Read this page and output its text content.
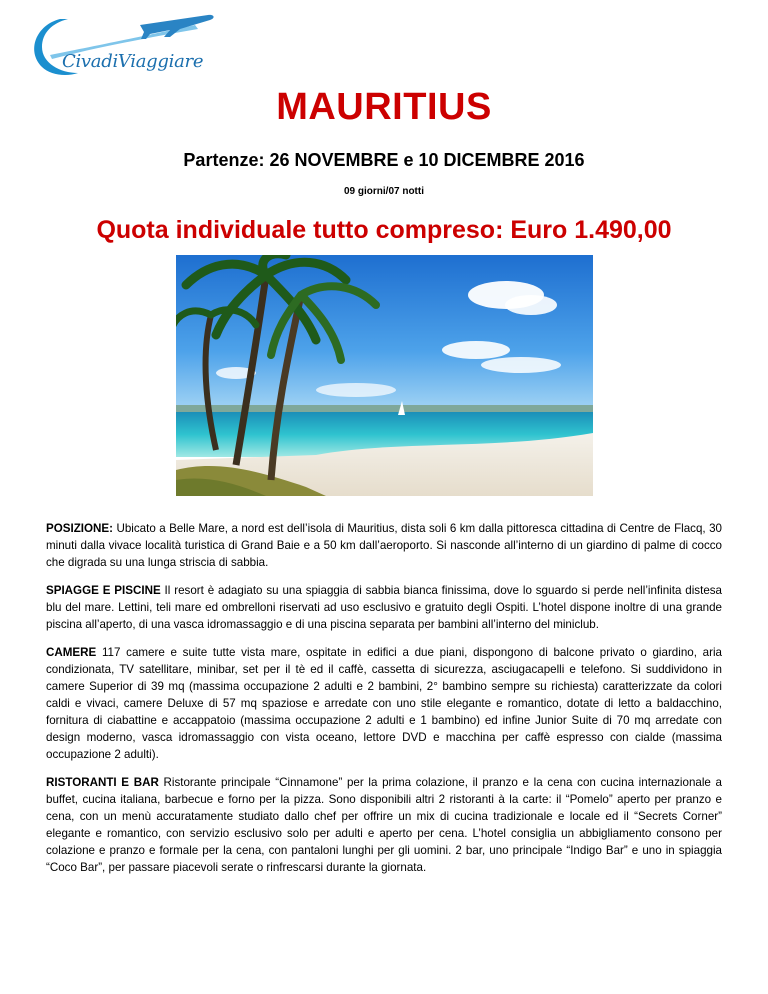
CivadiViaggiare
MAURITIUS
Partenze: 26 NOVEMBRE e 10 DICEMBRE 2016
09 giorni/07 notti
Quota individuale tutto compreso: Euro 1.490,00

POSIZIONE: Ubicato a Belle Mare, a nord est dell’isola di Mauritius, dista soli 6 km dalla pittoresca cittadina di Centre de Flacq, 30 minuti dalla vivace località turistica di Grand Baie e a 50 km dall’aeroporto. Si nasconde all’interno di un giardino di palme di cocco che digrada su una lunga striscia di sabbia.

SPIAGGE E PISCINE Il resort è adagiato su una spiaggia di sabbia bianca finissima, dove lo sguardo si perde nell’infinita distesa blu del mare. Lettini, teli mare ed ombrelloni riservati ad uso esclusivo e gratuito degli Ospiti. L’hotel dispone inoltre di una grande piscina all’aperto, di una vasca idromassaggio e di una piscina separata per bambini all’interno del miniclub.

CAMERE 117 camere e suite tutte vista mare, ospitate in edifici a due piani, dispongono di balcone privato o giardino, aria condizionata, TV satellitare, minibar, set per il tè ed il caffè, cassetta di sicurezza, asciugacapelli e telefono. Si suddividono in camere Superior di 39 mq (massima occupazione 2 adulti e 2 bambini, 2° bambino sempre su richiesta) caratterizzate da colori caldi e vivaci, camere Deluxe di 57 mq spaziose e arredate con uno stile elegante e romantico, dotate di letto a baldacchino, fornitura di ciabattine e accappatoio (massima occupazione 2 adulti e 1 bambino) ed infine Junior Suite di 70 mq arredate con design moderno, vasca idromassaggio con vista oceano, lettore DVD e macchina per caffè espresso con cialde (massima occupazione 2 adulti).

RISTORANTI E BAR Ristorante principale “Cinnamone” per la prima colazione, il pranzo e la cena con cucina internazionale a buffet, cucina italiana, barbecue e forno per la pizza. Sono disponibili altri 2 ristoranti à la carte: il “Pomelo” aperto per pranzo e cena, con un menù accuratamente studiato dallo chef per offrire un mix di cucina tradizionale e locale ed il “Secrets Corner” elegante e romantico, con servizio esclusivo solo per adulti e aperto per cena. L’hotel consiglia un abbigliamento consono per colazione e pranzo e formale per la cena, con pantaloni lunghi per gli uomini. 2 bar, uno principale “Indigo Bar” e uno in spiaggia “Coco Bar”, per passare piacevoli serate o rinfrescarsi durante la giornata.
